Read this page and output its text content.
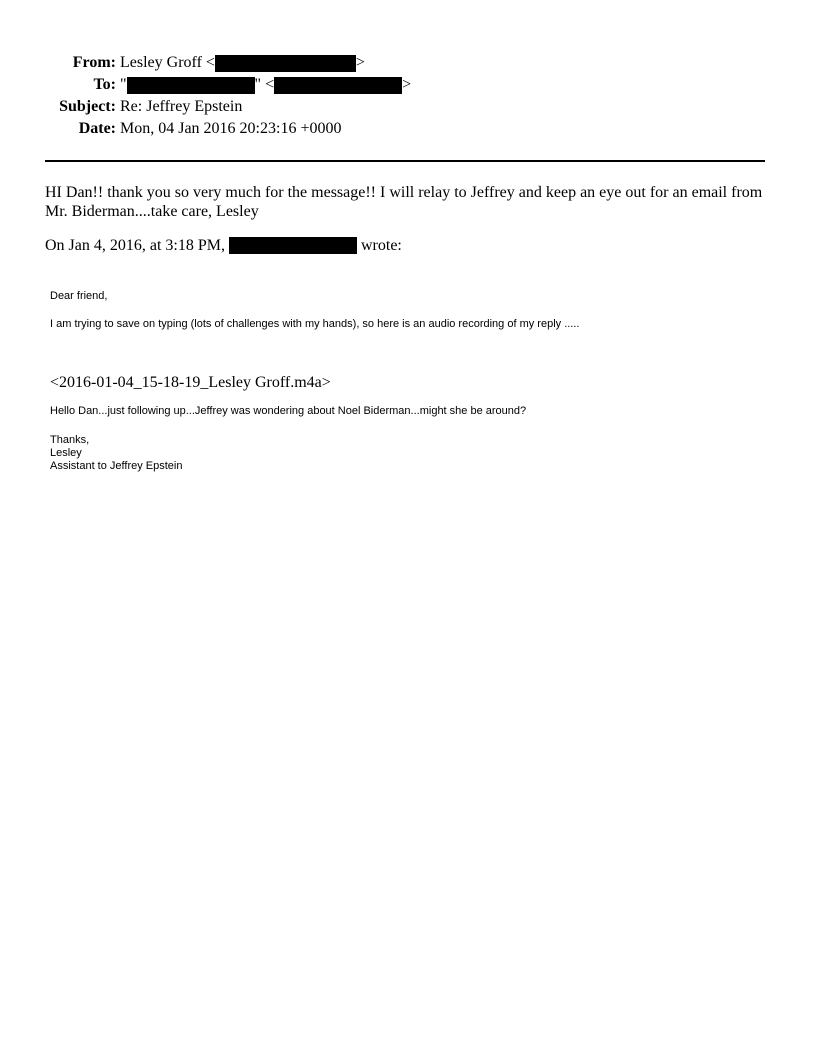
From: Lesley Groff <	>
To: "	" <	>
Subject: Re: Jeffrey Epstein
Date: Mon, 04 Jan 2016 20:23:16 +0000
HI Dan!! thank you so very much for the message!! I will relay to Jeffrey and keep an eye out for an email from Mr. Biderman....take care, Lesley
On Jan 4, 2016, at 3:18 PM,	wrote:
Dear friend,
I am trying to save on typing (lots of challenges with my hands), so here is an audio recording of my reply .....
<2016-01-04_15-18-19_Lesley Groff.m4a>
Hello Dan...just following up...Jeffrey was wondering about Noel Biderman...might she be around?
Thanks,
Lesley
Assistant to Jeffrey Epstein
